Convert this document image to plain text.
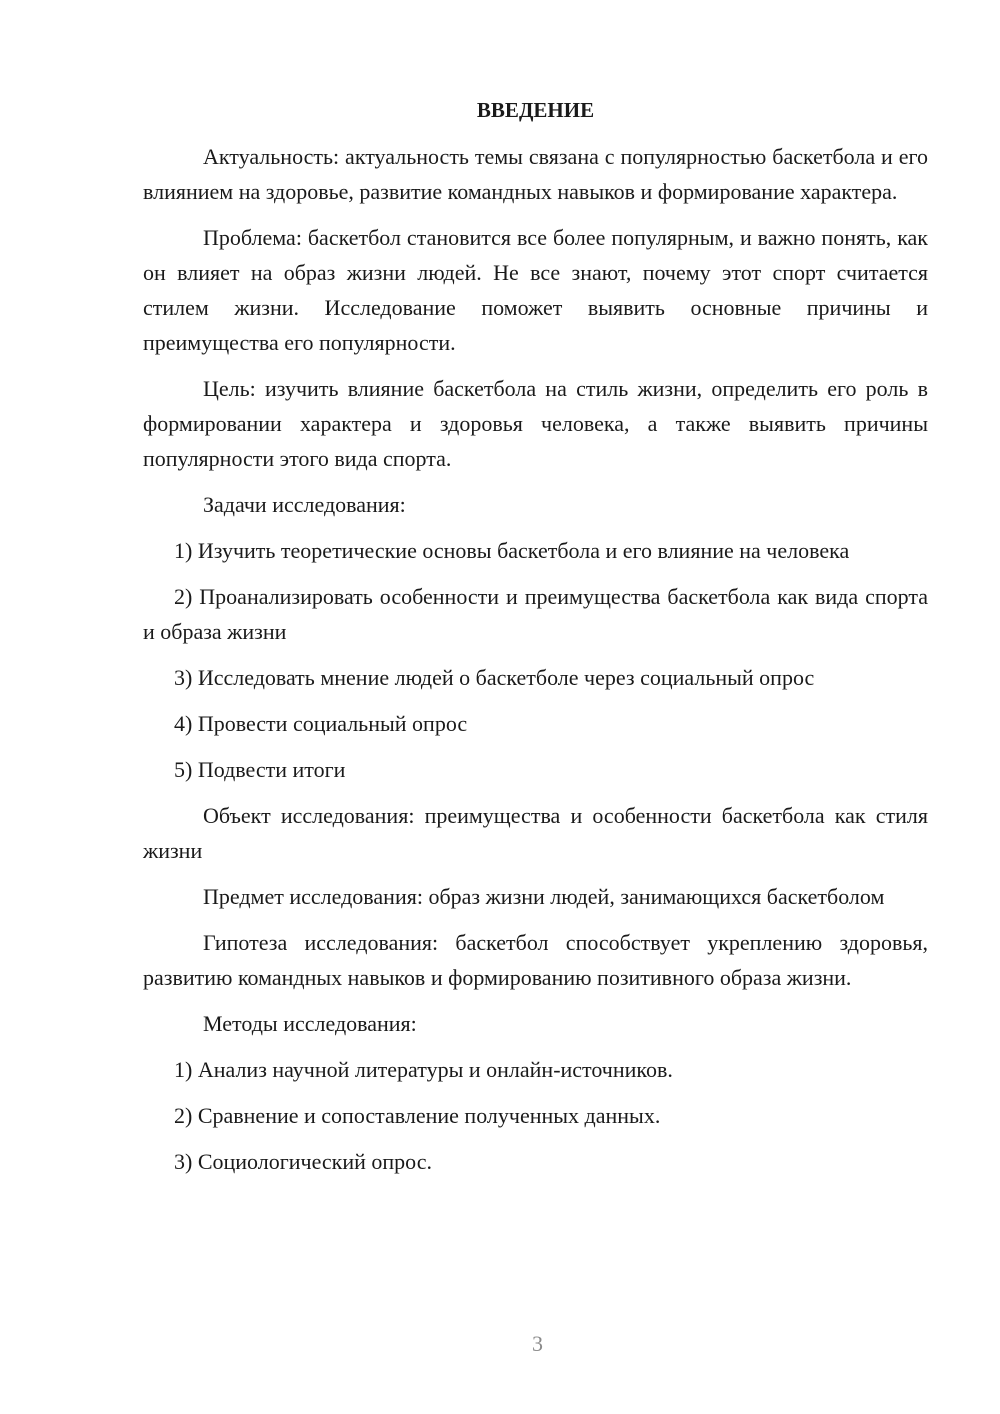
ВВЕДЕНИЕ

Актуальность: актуальность темы связана с популярностью баскетбола и его влиянием на здоровье, развитие командных навыков и формирование характера.

Проблема: баскетбол становится все более популярным, и важно понять, как он влияет на образ жизни людей. Не все знают, почему этот спорт считается стилем жизни. Исследование поможет выявить основные причины и преимущества его популярности.

Цель: изучить влияние баскетбола на стиль жизни, определить его роль в формировании характера и здоровья человека, а также выявить причины популярности этого вида спорта.

Задачи исследования:

1) Изучить теоретические основы баскетбола и его влияние на человека

2) Проанализировать особенности и преимущества баскетбола как вида спорта и образа жизни

3) Исследовать мнение людей о баскетболе через социальный опрос

4) Провести социальный опрос

5) Подвести итоги

Объект исследования: преимущества и особенности баскетбола как стиля жизни

Предмет исследования: образ жизни людей, занимающихся баскетболом

Гипотеза исследования: баскетбол способствует укреплению здоровья, развитию командных навыков и формированию позитивного образа жизни.

Методы исследования:

1) Анализ научной литературы и онлайн-источников.

2) Сравнение и сопоставление полученных данных.

3) Социологический опрос.

3
